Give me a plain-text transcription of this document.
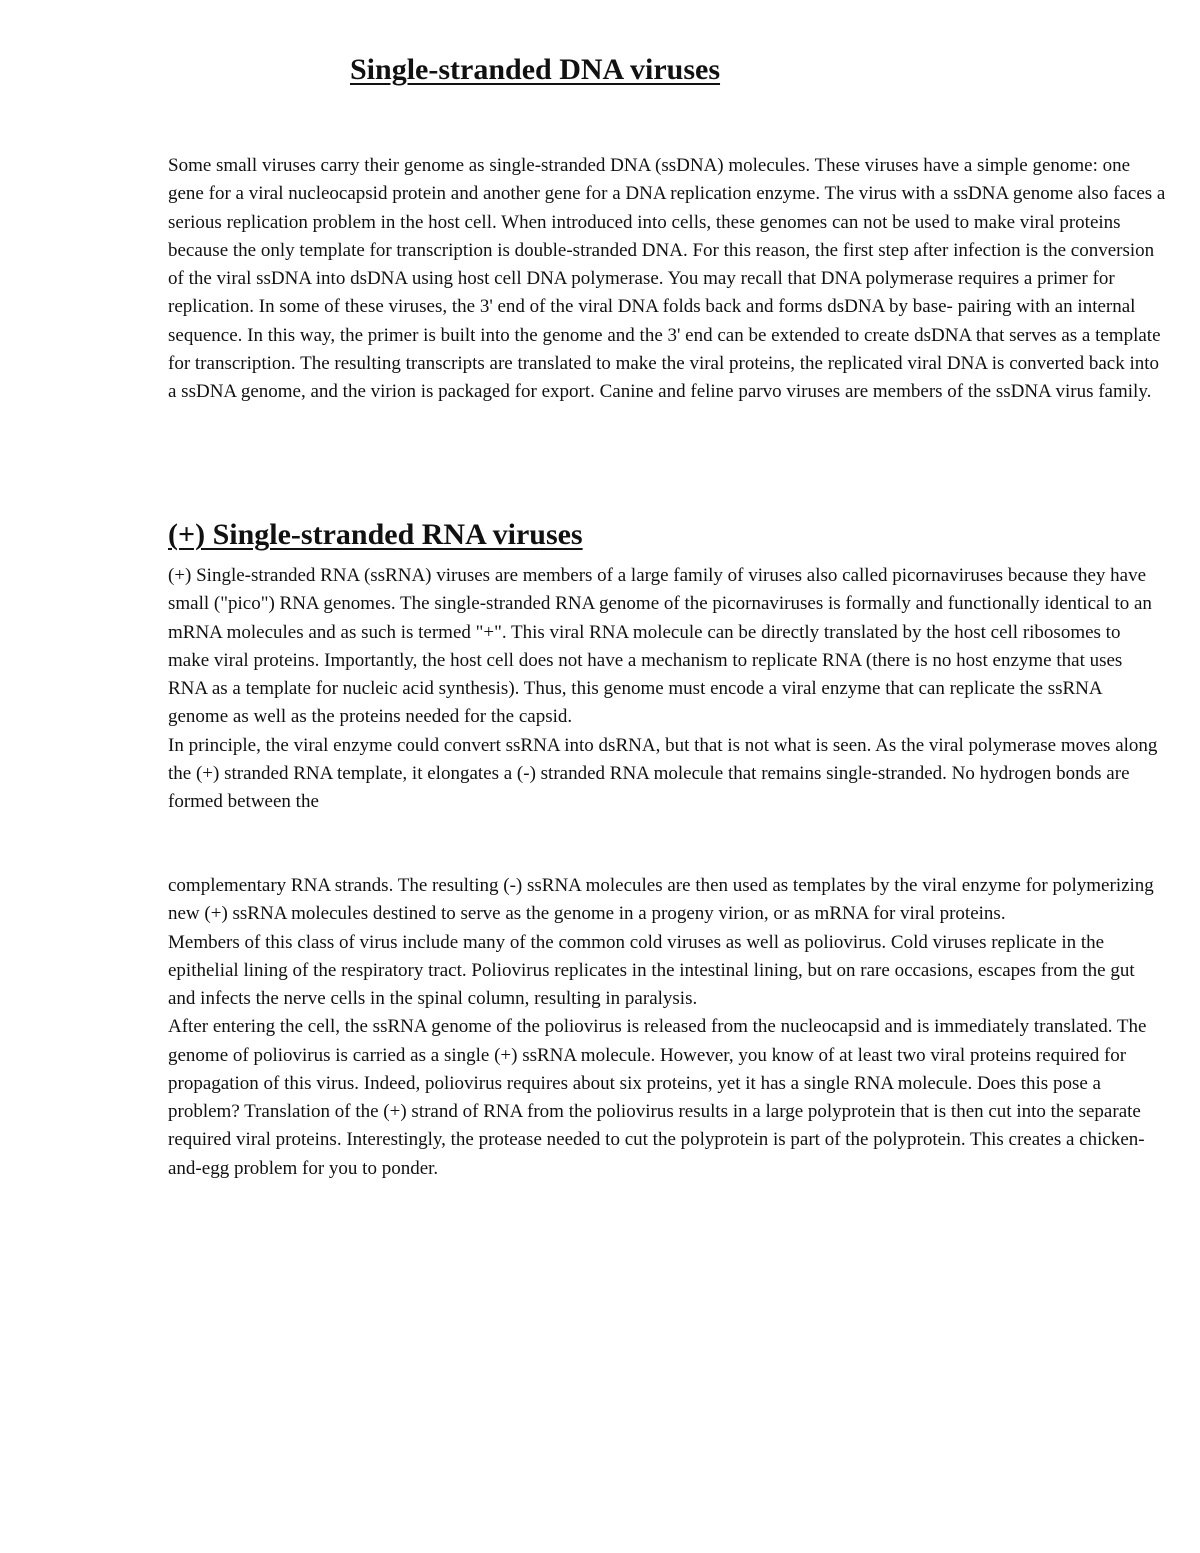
Single-stranded DNA viruses

Some small viruses carry their genome as single-stranded DNA (ssDNA) molecules. These viruses have a simple genome: one gene for a viral nucleocapsid protein and another gene for a DNA replication enzyme. The virus with a ssDNA genome also faces a serious replication problem in the host cell. When introduced into cells, these genomes can not be used to make viral proteins because the only template for transcription is double-stranded DNA. For this reason, the first step after infection is the conversion of the viral ssDNA into dsDNA using host cell DNA polymerase. You may recall that DNA polymerase requires a primer for replication. In some of these viruses, the 3' end of the viral DNA folds back and forms dsDNA by base- pairing with an internal sequence. In this way, the primer is built into the genome and the 3' end can be extended to create dsDNA that serves as a template for transcription. The resulting transcripts are translated to make the viral proteins, the replicated viral DNA is converted back into a ssDNA genome, and the virion is packaged for export. Canine and feline parvo viruses are members of the ssDNA virus family.

(+) Single-stranded RNA viruses

(+) Single-stranded RNA (ssRNA) viruses are members of a large family of viruses also called picornaviruses because they have small ("pico") RNA genomes. The single-stranded RNA genome of the picornaviruses is formally and functionally identical to an mRNA molecules and as such is termed "+". This viral RNA molecule can be directly translated by the host cell ribosomes to make viral proteins. Importantly, the host cell does not have a mechanism to replicate RNA (there is no host enzyme that uses RNA as a template for nucleic acid synthesis). Thus, this genome must encode a viral enzyme that can replicate the ssRNA genome as well as the proteins needed for the capsid.

In principle, the viral enzyme could convert ssRNA into dsRNA, but that is not what is seen. As the viral polymerase moves along the (+) stranded RNA template, it elongates a (-) stranded RNA molecule that remains single-stranded. No hydrogen bonds are formed between the

complementary RNA strands. The resulting (-) ssRNA molecules are then used as templates by the viral enzyme for polymerizing new (+) ssRNA molecules destined to serve as the genome in a progeny virion, or as mRNA for viral proteins.

Members of this class of virus include many of the common cold viruses as well as poliovirus. Cold viruses replicate in the epithelial lining of the respiratory tract. Poliovirus replicates in the intestinal lining, but on rare occasions, escapes from the gut and infects the nerve cells in the spinal column, resulting in paralysis.

After entering the cell, the ssRNA genome of the poliovirus is released from the nucleocapsid and is immediately translated. The genome of poliovirus is carried as a single (+) ssRNA molecule. However, you know of at least two viral proteins required for propagation of this virus. Indeed, poliovirus requires about six proteins, yet it has a single RNA molecule. Does this pose a problem? Translation of the (+) strand of RNA from the poliovirus results in a large polyprotein that is then cut into the separate required viral proteins. Interestingly, the protease needed to cut the polyprotein is part of the polyprotein. This creates a chicken-and-egg problem for you to ponder.
